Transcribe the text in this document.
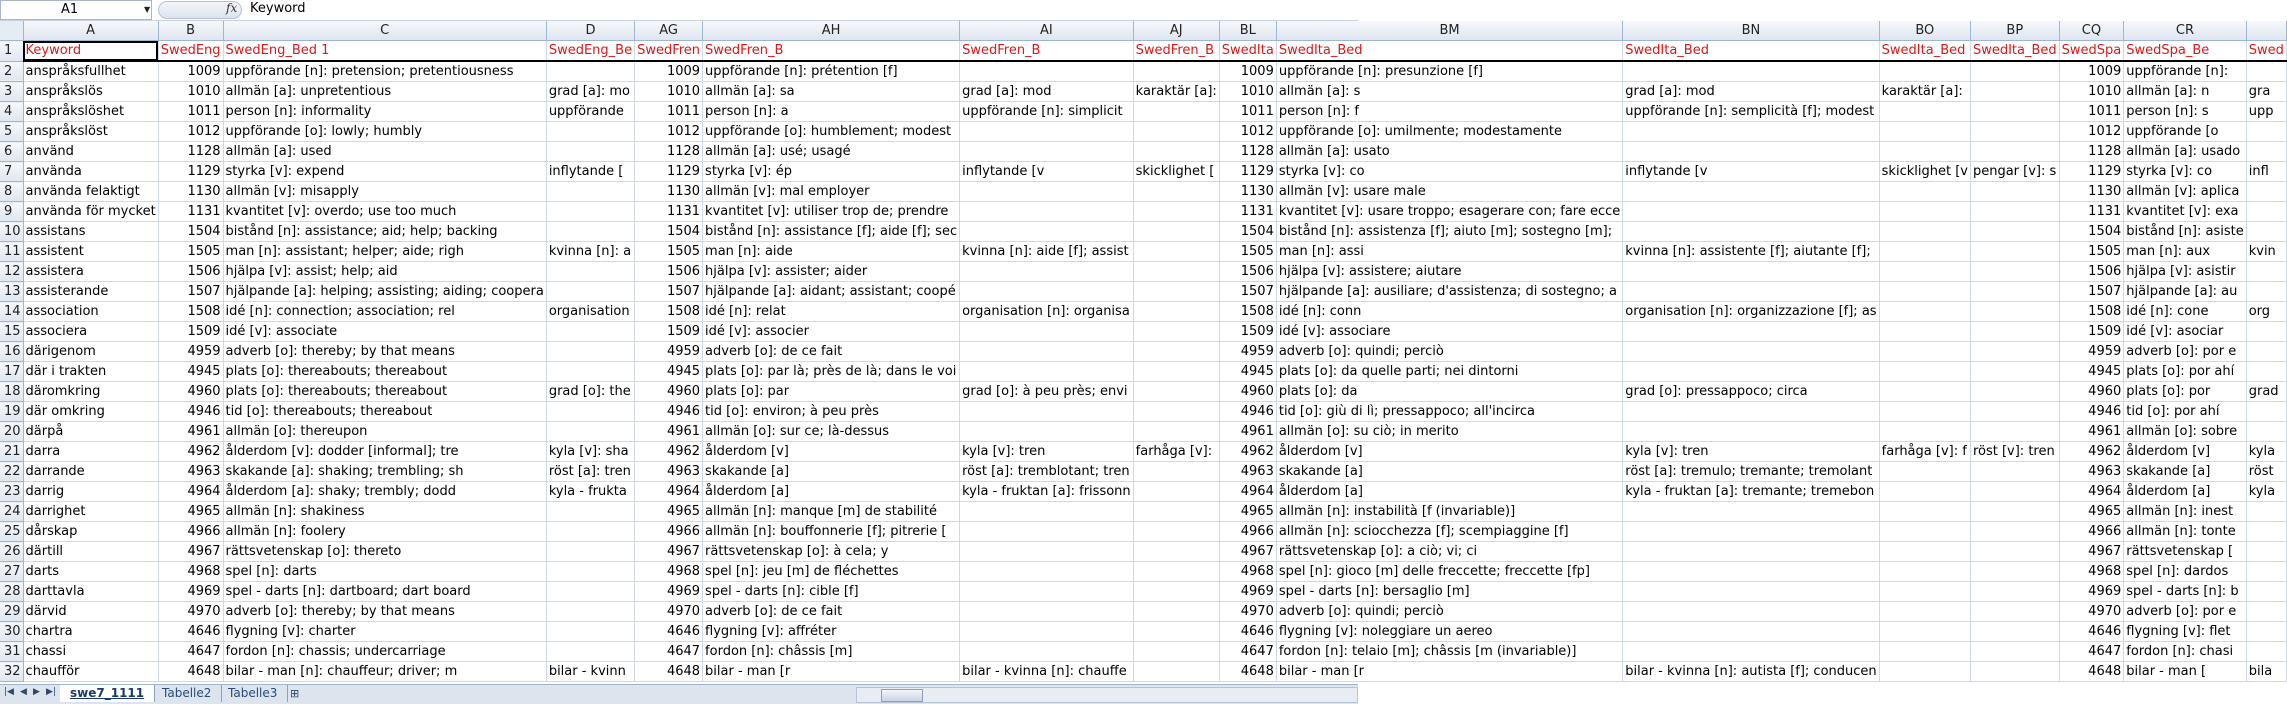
A1	▼	fx Keyword
	A	B	C	D	AG	AH	AI	AJ	BL	BM	BN	BO	BP	CQ	CR	
1	Keyword	SwedEng	SwedEng_Bed 1	SwedEng_Be	SwedFren	SwedFren_B	SwedFren_B	SwedFren_B	SwedIta	SwedIta_Bed	SwedIta_Bed	SwedIta_Bed	SwedIta_Bed	SwedSpa	SwedSpa_Be	Swed
2	anspråksfullhet	1009	uppförande [n]: pretension; pretentiousness		1009	uppförande [n]: prétention [f]			1009	uppförande [n]: presunzione [f]				1009	uppförande [n]:	
3	anspråkslös	1010	allmän [a]: unpretentious	grad [a]: mo	1010	allmän [a]: sa	grad [a]: mod	karaktär [a]:	1010	allmän [a]: s	grad [a]: mod	karaktär [a]:		1010	allmän [a]: n	gra
4	anspråkslöshet	1011	person [n]: informality	uppförande	1011	person [n]: a	uppförande [n]: simplicit		1011	person [n]: f	uppförande [n]: semplicità [f]; modest			1011	person [n]: s	upp
5	anspråkslöst	1012	uppförande [o]: lowly; humbly		1012	uppförande [o]: humblement; modest			1012	uppförande [o]: umilmente; modestamente				1012	uppförande [o	
6	använd	1128	allmän [a]: used		1128	allmän [a]: usé; usagé			1128	allmän [a]: usato				1128	allmän [a]: usado	
7	använda	1129	styrka [v]: expend	inflytande [	1129	styrka [v]: ép	inflytande [v	skicklighet [	1129	styrka [v]: co	inflytande [v	skicklighet [v	pengar [v]: s	1129	styrka [v]: co	infl
8	använda felaktigt	1130	allmän [v]: misapply		1130	allmän [v]: mal employer			1130	allmän [v]: usare male				1130	allmän [v]: aplica	
9	använda för mycket	1131	kvantitet [v]: overdo; use too much		1131	kvantitet [v]: utiliser trop de; prendre			1131	kvantitet [v]: usare troppo; esagerare con; fare ecce				1131	kvantitet [v]: exa	
10	assistans	1504	bistånd [n]: assistance; aid; help; backing		1504	bistånd [n]: assistance [f]; aide [f]; sec			1504	bistånd [n]: assistenza [f]; aiuto [m]; sostegno [m];				1504	bistånd [n]: asiste	
11	assistent	1505	man [n]: assistant; helper; aide; righ	kvinna [n]: a	1505	man [n]: aide	kvinna [n]: aide [f]; assist		1505	man [n]: assi	kvinna [n]: assistente [f]; aiutante [f];			1505	man [n]: aux	kvin
12	assistera	1506	hjälpa [v]: assist; help; aid		1506	hjälpa [v]: assister; aider			1506	hjälpa [v]: assistere; aiutare				1506	hjälpa [v]: asistir	
13	assisterande	1507	hjälpande [a]: helping; assisting; aiding; coopera		1507	hjälpande [a]: aidant; assistant; coopé			1507	hjälpande [a]: ausiliare; d'assistenza; di sostegno; a				1507	hjälpande [a]: au	
14	association	1508	idé [n]: connection; association; rel	organisation	1508	idé [n]: relat	organisation [n]: organisa		1508	idé [n]: conn	organisation [n]: organizzazione [f]; as			1508	idé [n]: cone	org
15	associera	1509	idé [v]: associate		1509	idé [v]: associer			1509	idé [v]: associare				1509	idé [v]: asociar	
16	därigenom	4959	adverb [o]: thereby; by that means		4959	adverb [o]: de ce fait			4959	adverb [o]: quindi; perciò				4959	adverb [o]: por e	
17	där i trakten	4945	plats [o]: thereabouts; thereabout		4945	plats [o]: par là; près de là; dans le voi			4945	plats [o]: da quelle parti; nei dintorni				4945	plats [o]: por ahí	
18	däromkring	4960	plats [o]: thereabouts; thereabout	grad [o]: the	4960	plats [o]: par	grad [o]: à peu près; envi		4960	plats [o]: da	grad [o]: pressappoco; circa			4960	plats [o]: por	grad
19	där omkring	4946	tid [o]: thereabouts; thereabout		4946	tid [o]: environ; à peu près			4946	tid [o]: giù di lì; pressappoco; all'incirca				4946	tid [o]: por ahí	
20	därpå	4961	allmän [o]: thereupon		4961	allmän [o]: sur ce; là-dessus			4961	allmän [o]: su ciò; in merito				4961	allmän [o]: sobre	
21	darra	4962	ålderdom [v]: dodder [informal]; tre	kyla [v]: sha	4962	ålderdom [v]	kyla [v]: tren	farhåga [v]:	4962	ålderdom [v]	kyla [v]: tren	farhåga [v]: f	röst [v]: tren	4962	ålderdom [v]	kyla
22	darrande	4963	skakande [a]: shaking; trembling; sh	röst [a]: tren	4963	skakande [a]	röst [a]: tremblotant; tren		4963	skakande [a]	röst [a]: tremulo; tremante; tremolant			4963	skakande [a]	röst
23	darrig	4964	ålderdom [a]: shaky; trembly; dodd	kyla - frukta	4964	ålderdom [a]	kyla - fruktan [a]: frissonn		4964	ålderdom [a]	kyla - fruktan [a]: tremante; tremebon			4964	ålderdom [a]	kyla
24	darrighet	4965	allmän [n]: shakiness		4965	allmän [n]: manque [m] de stabilité			4965	allmän [n]: instabilità [f (invariable)]				4965	allmän [n]: inest	
25	dårskap	4966	allmän [n]: foolery		4966	allmän [n]: bouffonnerie [f]; pitrerie [			4966	allmän [n]: sciocchezza [f]; scempiaggine [f]				4966	allmän [n]: tonte	
26	därtill	4967	rättsvetenskap [o]: thereto		4967	rättsvetenskap [o]: à cela; y			4967	rättsvetenskap [o]: a ciò; vi; ci				4967	rättsvetenskap [	
27	darts	4968	spel [n]: darts		4968	spel [n]: jeu [m] de fléchettes			4968	spel [n]: gioco [m] delle freccette; freccette [fp]				4968	spel [n]: dardos	
28	darttavla	4969	spel - darts [n]: dartboard; dart board		4969	spel - darts [n]: cible [f]			4969	spel - darts [n]: bersaglio [m]				4969	spel - darts [n]: b	
29	därvid	4970	adverb [o]: thereby; by that means		4970	adverb [o]: de ce fait			4970	adverb [o]: quindi; perciò				4970	adverb [o]: por e	
30	chartra	4646	flygning [v]: charter		4646	flygning [v]: affréter			4646	flygning [v]: noleggiare un aereo				4646	flygning [v]: flet	
31	chassi	4647	fordon [n]: chassis; undercarriage		4647	fordon [n]: châssis [m]			4647	fordon [n]: telaio [m]; châssis [m (invariable)]				4647	fordon [n]: chasi	
32	chaufför	4648	bilar - man [n]: chauffeur; driver; m	bilar - kvinn	4648	bilar - man [r	bilar - kvinna [n]: chauffe		4648	bilar - man [r	bilar - kvinna [n]: autista [f]; conducen			4648	bilar - man [	bila
|◀ ◀ ▶ ▶|	swe7_1111	Tabelle2	Tabelle3	⊞
